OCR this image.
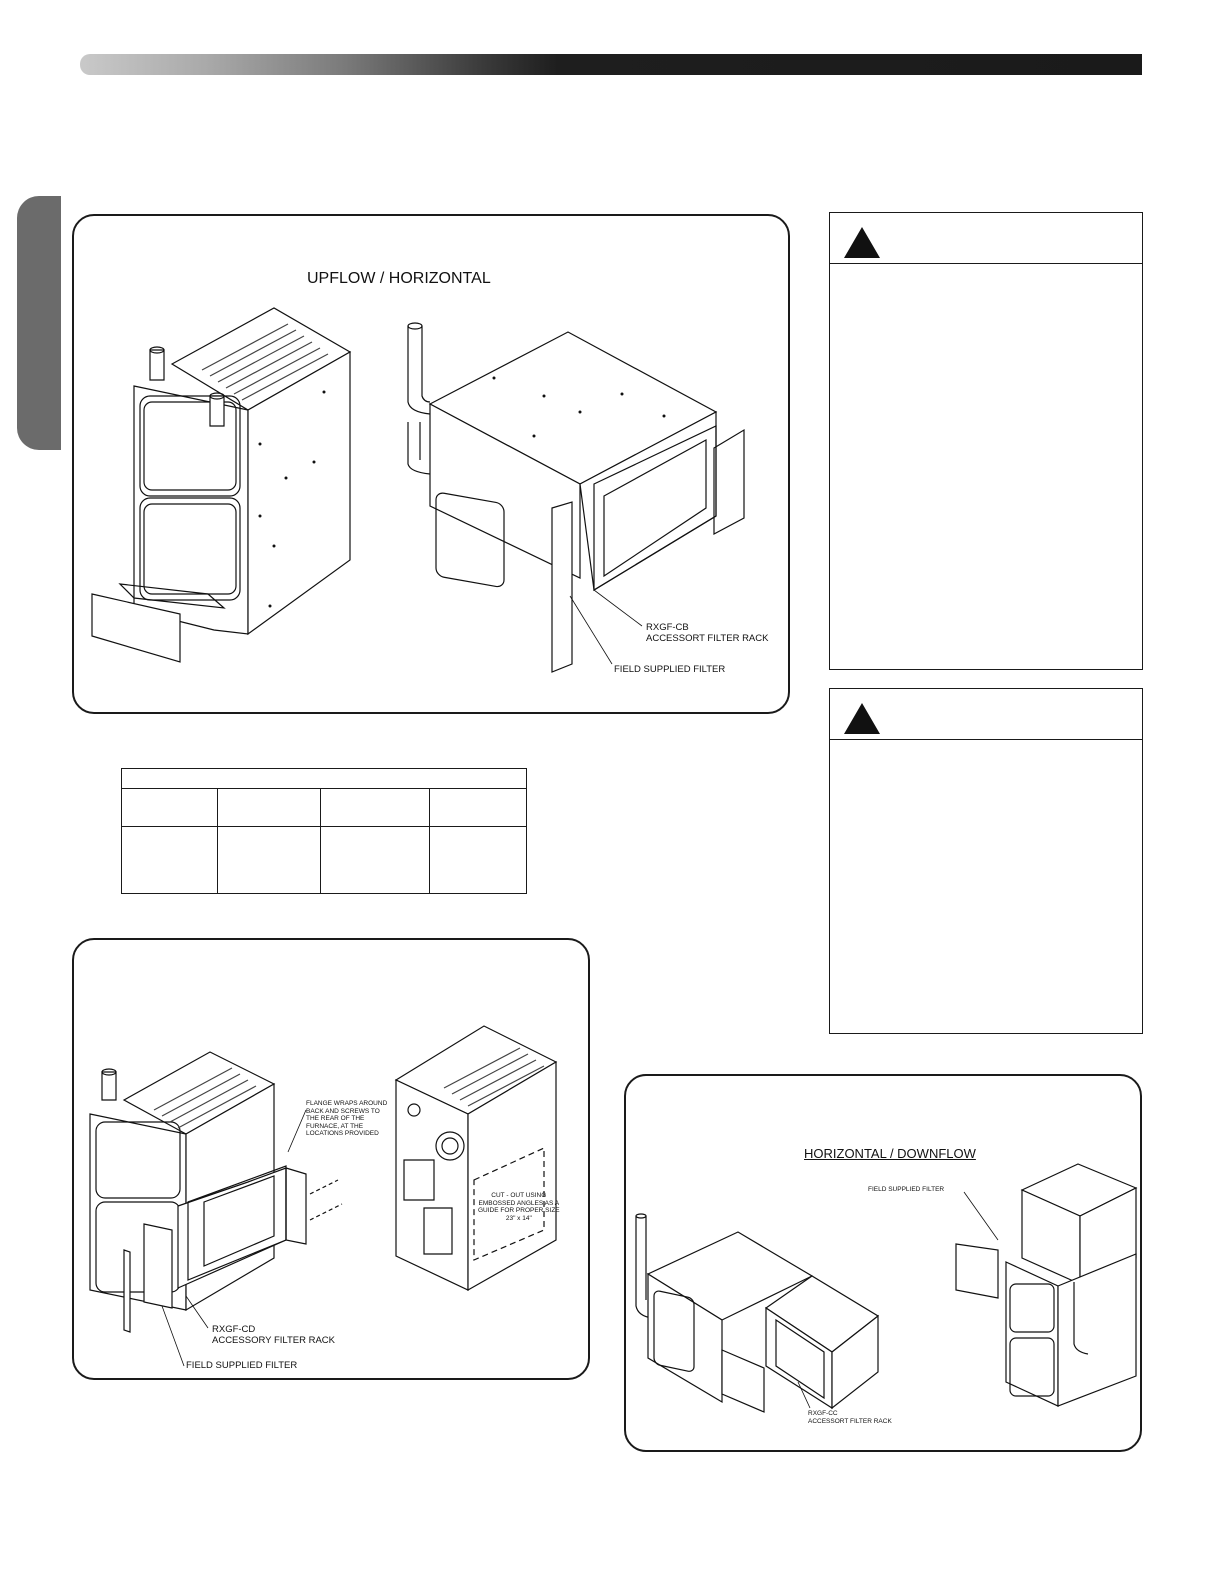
UPFLOW / HORIZONTAL
RXGF-CB
ACCESSORT FILTER RACK
FIELD SUPPLIED FILTER

FLANGE WRAPS AROUND
BACK AND SCREWS TO
THE REAR OF THE
FURNACE, AT THE
LOCATIONS PROVIDED
CUT - OUT USING
EMBOSSED ANGLES AS A
GUIDE FOR PROPER SIZE
23" x 14"
RXGF-CD
ACCESSORY FILTER RACK
FIELD SUPPLIED FILTER
HORIZONTAL / DOWNFLOW
FIELD SUPPLIED FILTER
RXGF-CC
ACCESSORT FILTER RACK
